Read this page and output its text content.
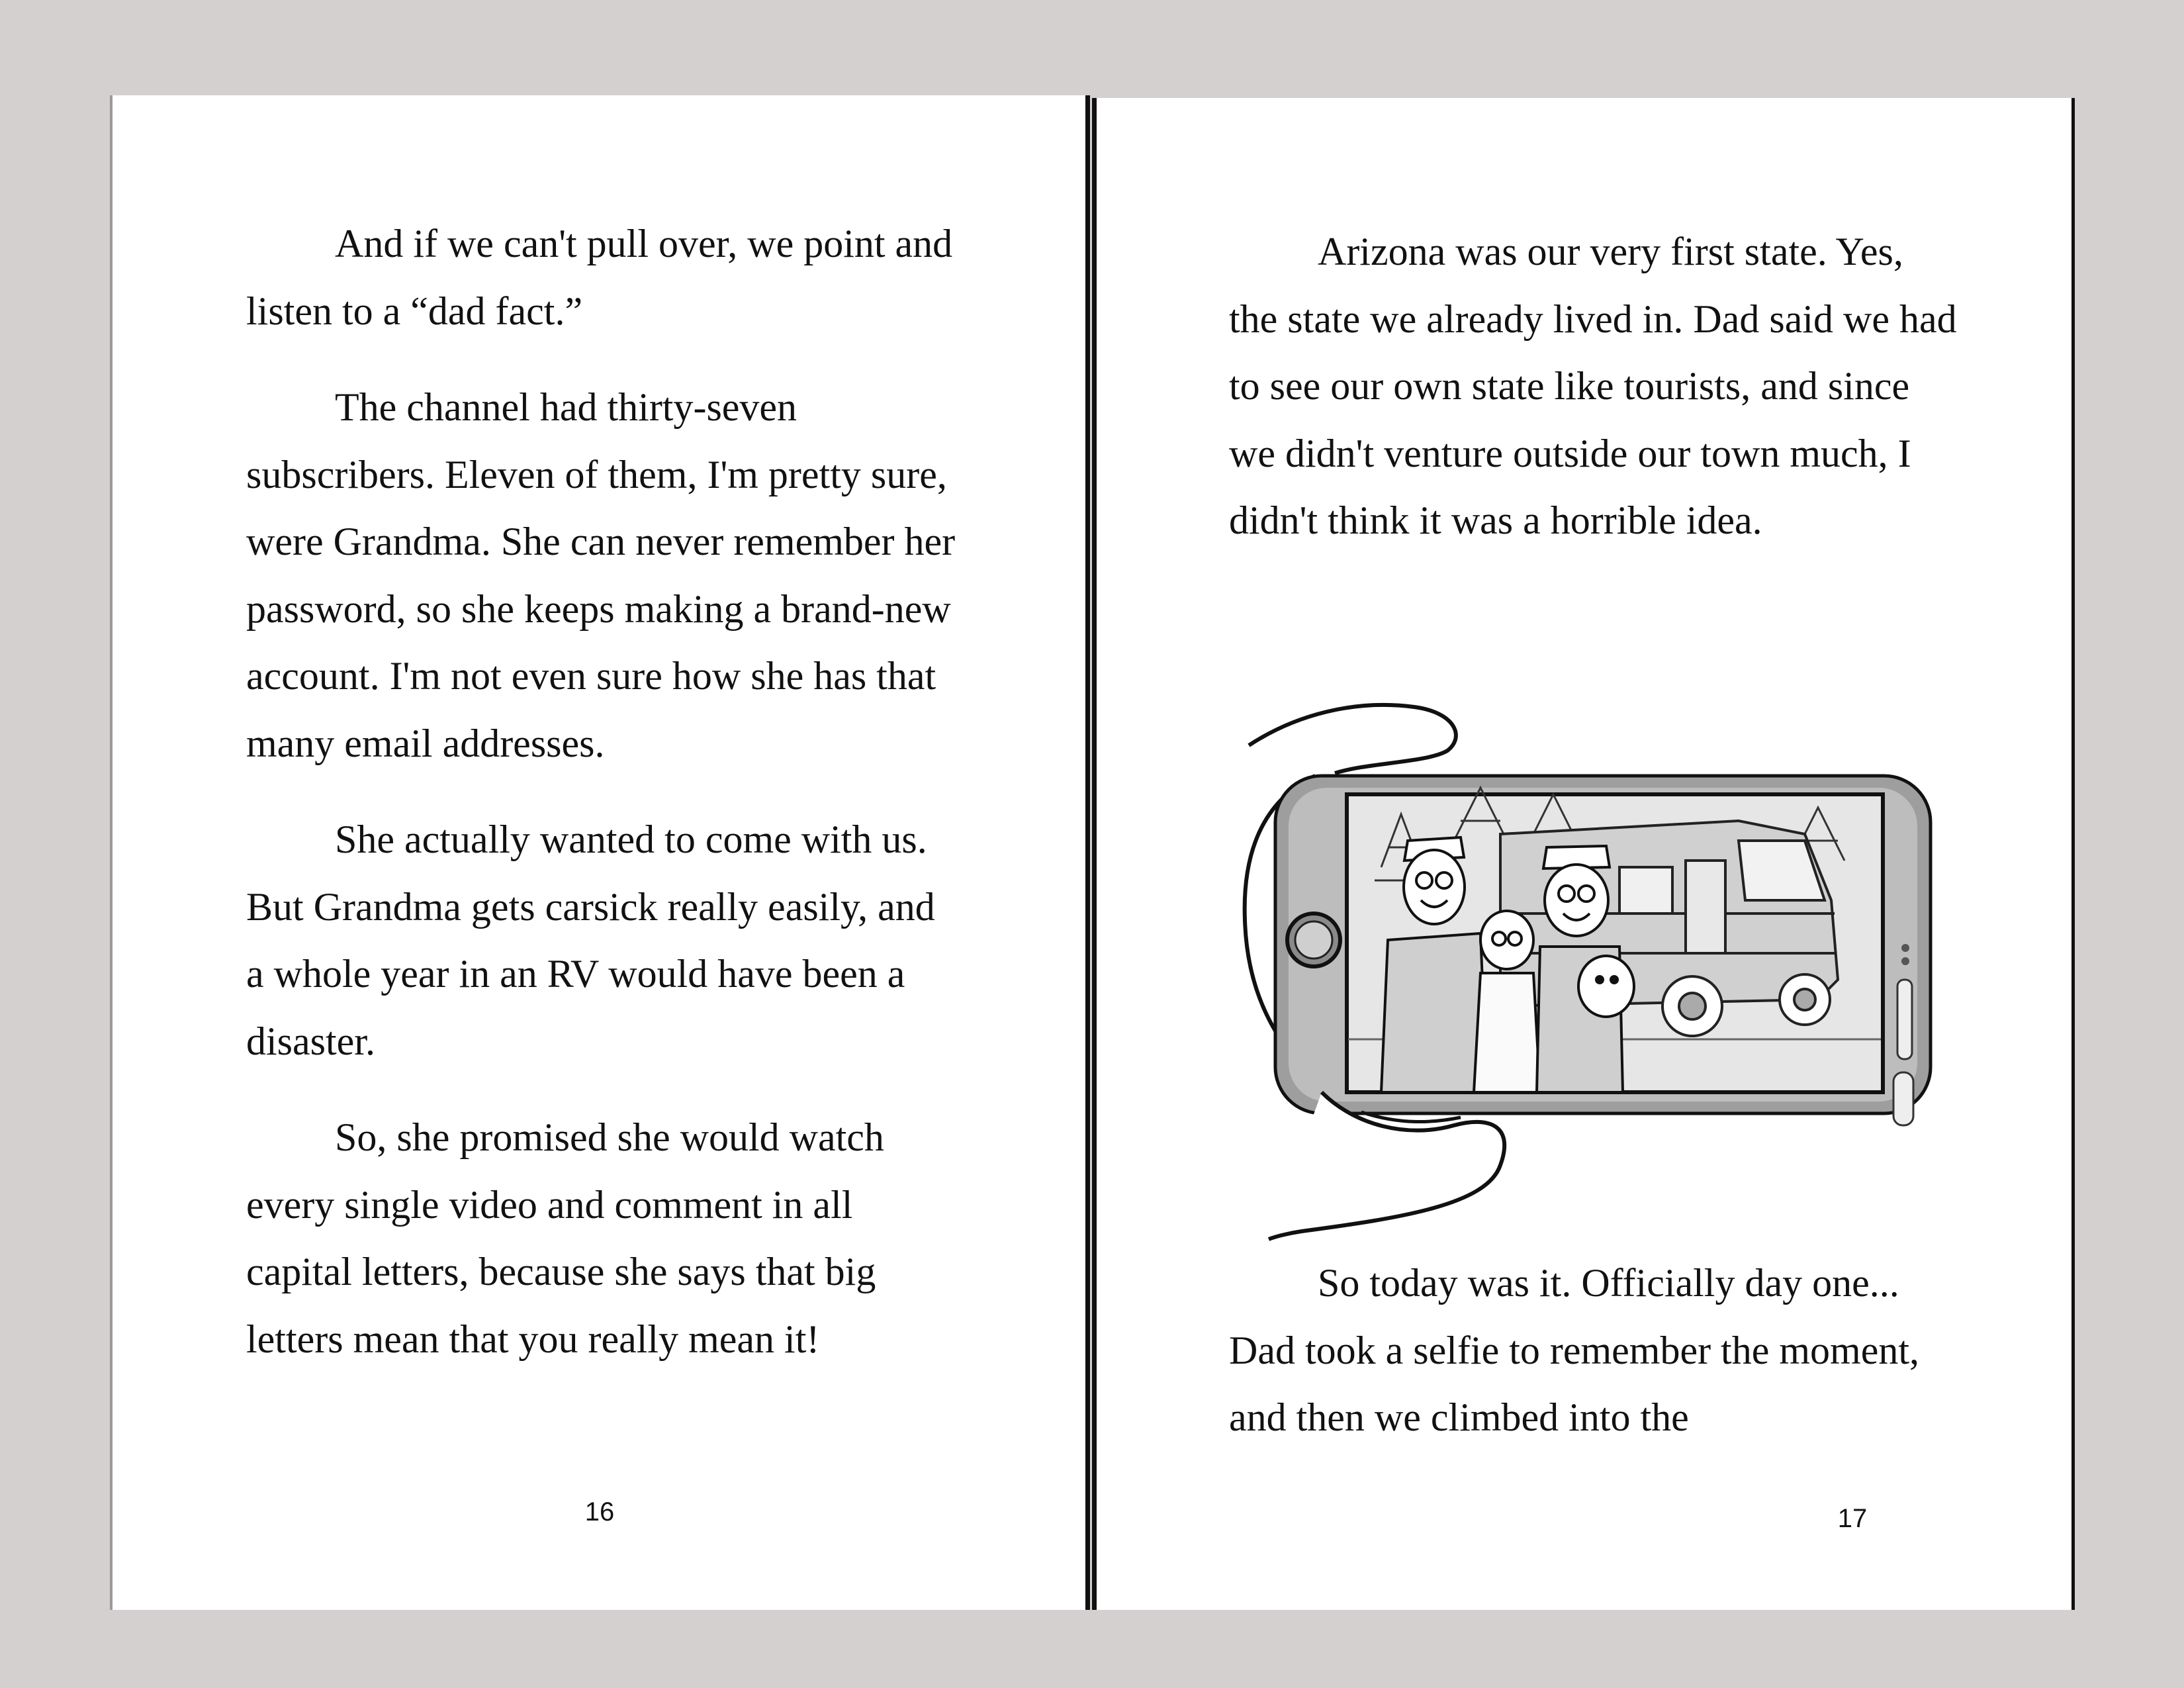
And if we can't pull over, we point and listen to a “dad fact.”

The channel had thirty-seven subscribers. Eleven of them, I'm pretty sure, were Grandma. She can never remember her password, so she keeps making a brand-new account. I'm not even sure how she has that many email addresses.

She actually wanted to come with us. But Grandma gets carsick really easily, and a whole year in an RV would have been a disaster.

So, she promised she would watch every single video and comment in all capital letters, because she says that big letters mean that you really mean it!

16

Arizona was our very first state. Yes, the state we already lived in. Dad said we had to see our own state like tourists, and since we didn't venture outside our town much, I didn't think it was a horrible idea.

So today was it. Officially day one... Dad took a selfie to remember the moment, and then we climbed into the

17
